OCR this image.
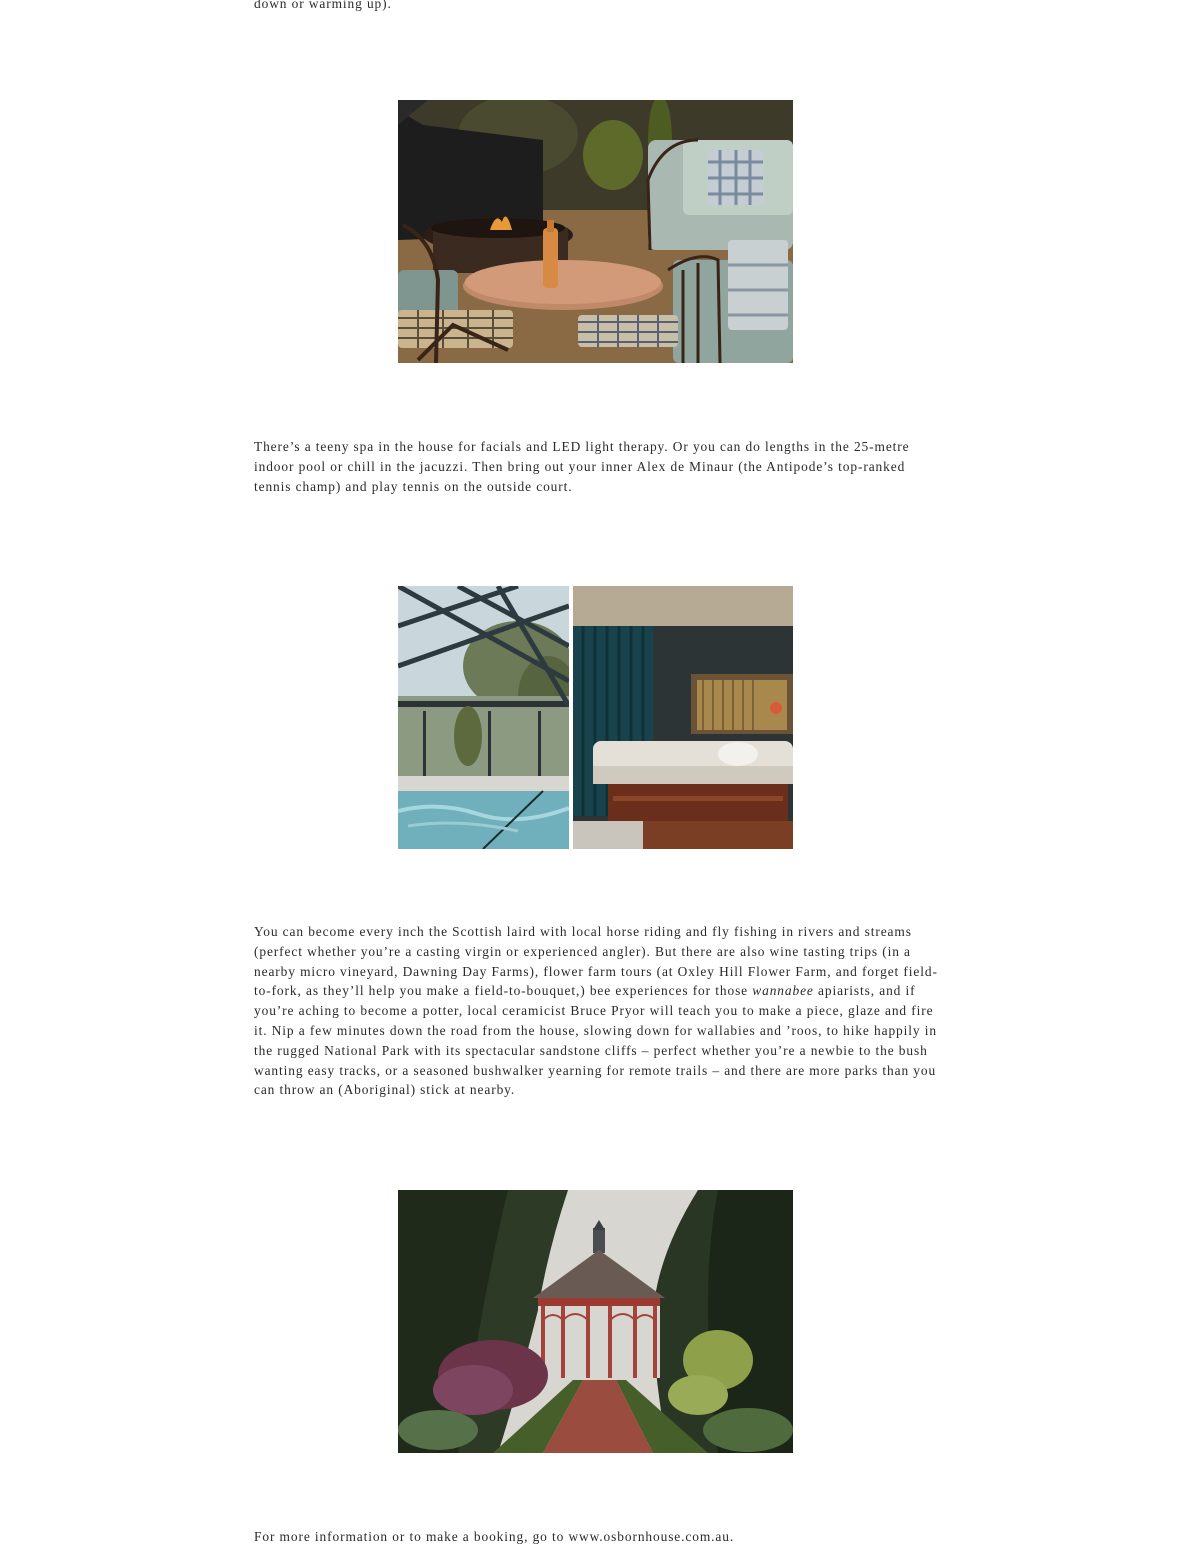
down or warming up).

There’s a teeny spa in the house for facials and LED light therapy. Or you can do lengths in the 25-metre indoor pool or chill in the jacuzzi. Then bring out your inner Alex de Minaur (the Antipode’s top-ranked tennis champ) and play tennis on the outside court.

You can become every inch the Scottish laird with local horse riding and fly fishing in rivers and streams (perfect whether you’re a casting virgin or experienced angler). But there are also wine tasting trips (in a nearby micro vineyard, Dawning Day Farms), flower farm tours (at Oxley Hill Flower Farm, and forget field-to-fork, as they’ll help you make a field-to-bouquet,) bee experiences for those wannabee apiarists, and if you’re aching to become a potter, local ceramicist Bruce Pryor will teach you to make a piece, glaze and fire it. Nip a few minutes down the road from the house, slowing down for wallabies and ’roos, to hike happily in the rugged National Park with its spectacular sandstone cliffs – perfect whether you’re a newbie to the bush wanting easy tracks, or a seasoned bushwalker yearning for remote trails – and there are more parks than you can throw an (Aboriginal) stick at nearby.

For more information or to make a booking, go to www.osbornhouse.com.au.
